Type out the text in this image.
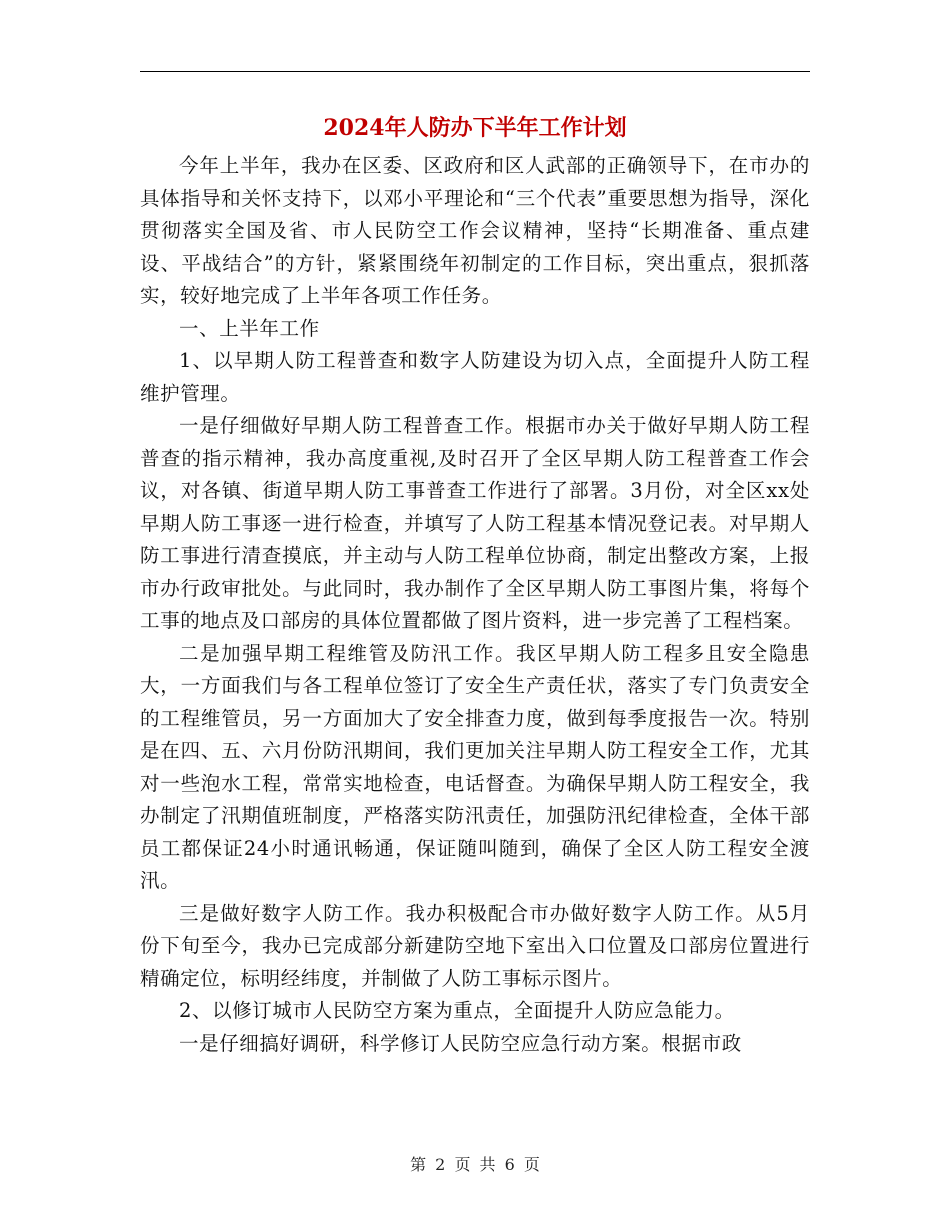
2024年人防办下半年工作计划

今年上半年，我办在区委、区政府和区人武部的正确领导下，在市办的具体指导和关怀支持下，以邓小平理论和“三个代表”重要思想为指导，深化贯彻落实全国及省、市人民防空工作会议精神，坚持“长期准备、重点建设、平战结合”的方针，紧紧围绕年初制定的工作目标，突出重点，狠抓落实，较好地完成了上半年各项工作任务。

一、上半年工作

1、以早期人防工程普查和数字人防建设为切入点，全面提升人防工程维护管理。

一是仔细做好早期人防工程普查工作。根据市办关于做好早期人防工程普查的指示精神，我办高度重视,及时召开了全区早期人防工程普查工作会议，对各镇、街道早期人防工事普查工作进行了部署。3月份，对全区xx处早期人防工事逐一进行检查，并填写了人防工程基本情况登记表。对早期人防工事进行清查摸底，并主动与人防工程单位协商，制定出整改方案，上报市办行政审批处。与此同时，我办制作了全区早期人防工事图片集，将每个工事的地点及口部房的具体位置都做了图片资料，进一步完善了工程档案。

二是加强早期工程维管及防汛工作。我区早期人防工程多且安全隐患大，一方面我们与各工程单位签订了安全生产责任状，落实了专门负责安全的工程维管员，另一方面加大了安全排查力度，做到每季度报告一次。特别是在四、五、六月份防汛期间，我们更加关注早期人防工程安全工作，尤其对一些泡水工程，常常实地检查，电话督查。为确保早期人防工程安全，我办制定了汛期值班制度，严格落实防汛责任，加强防汛纪律检查，全体干部员工都保证24小时通讯畅通，保证随叫随到，确保了全区人防工程安全渡汛。

三是做好数字人防工作。我办积极配合市办做好数字人防工作。从5月份下旬至今，我办已完成部分新建防空地下室出入口位置及口部房位置进行精确定位，标明经纬度，并制做了人防工事标示图片。

2、以修订城市人民防空方案为重点，全面提升人防应急能力。

一是仔细搞好调研，科学修订人民防空应急行动方案。根据市政

第 2 页 共 6 页
